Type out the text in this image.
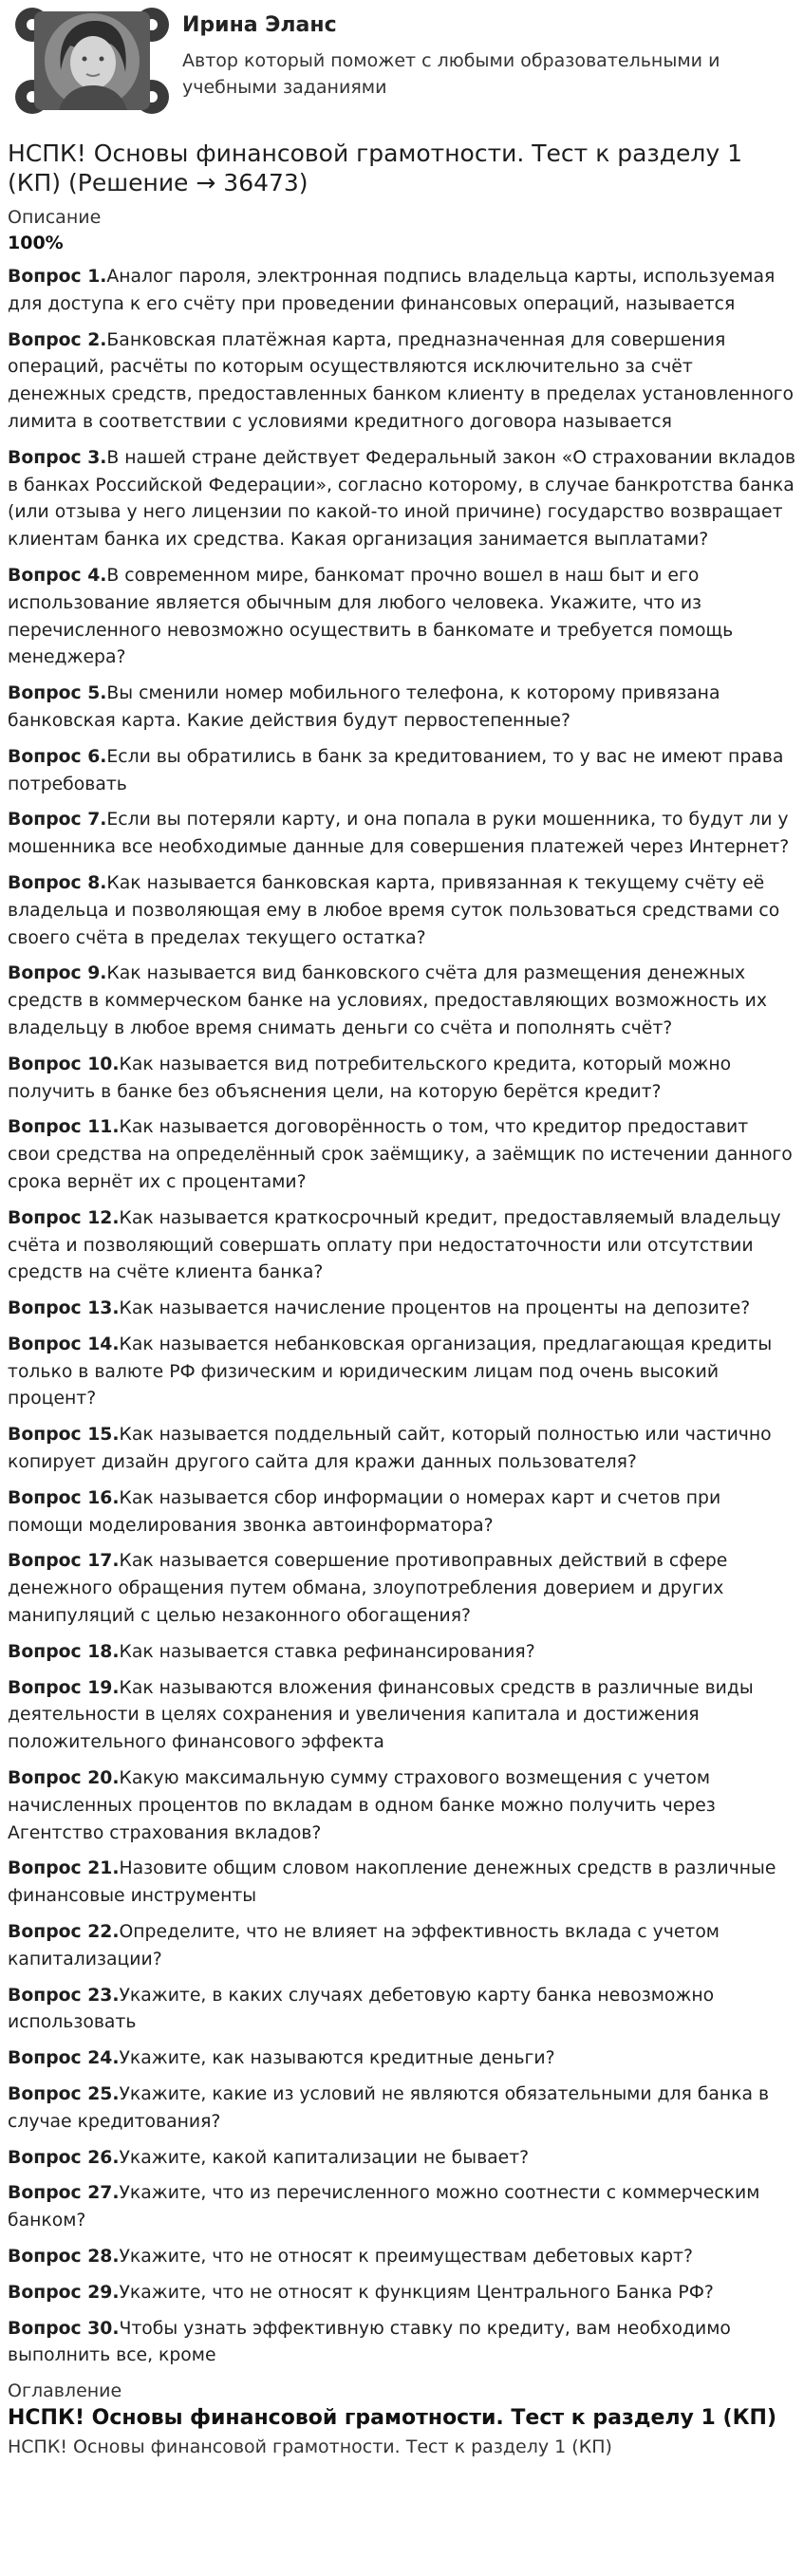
Ирина Эланс
Автор который поможет с любыми образовательными и учебными заданиями
НСПК! Основы финансовой грамотности. Тест к разделу 1 (КП) (Решение → 36473)
Описание
100%

Вопрос 1.Аналог пароля, электронная подпись владельца карты, используемая для доступа к его счёту при проведении финансовых операций, называется

Вопрос 2.Банковская платёжная карта, предназначенная для совершения операций, расчёты по которым осуществляются исключительно за счёт денежных средств, предоставленных банком клиенту в пределах установленного лимита в соответствии с условиями кредитного договора называется

Вопрос 3.В нашей стране действует Федеральный закон «О страховании вкладов в банках Российской Федерации», согласно которому, в случае банкротства банка (или отзыва у него лицензии по какой-то иной причине) государство возвращает клиентам банка их средства. Какая организация занимается выплатами?

Вопрос 4.В современном мире, банкомат прочно вошел в наш быт и его использование является обычным для любого человека. Укажите, что из перечисленного невозможно осуществить в банкомате и требуется помощь менеджера?

Вопрос 5.Вы сменили номер мобильного телефона, к которому привязана банковская карта. Какие действия будут первостепенные?

Вопрос 6.Если вы обратились в банк за кредитованием, то у вас не имеют права потребовать

Вопрос 7.Если вы потеряли карту, и она попала в руки мошенника, то будут ли у мошенника все необходимые данные для совершения платежей через Интернет?

Вопрос 8.Как называется банковская карта, привязанная к текущему счёту её владельца и позволяющая ему в любое время суток пользоваться средствами со своего счёта в пределах текущего остатка?

Вопрос 9.Как называется вид банковского счёта для размещения денежных средств в коммерческом банке на условиях, предоставляющих возможность их владельцу в любое время снимать деньги со счёта и пополнять счёт?

Вопрос 10.Как называется вид потребительского кредита, который можно получить в банке без объяснения цели, на которую берётся кредит?

Вопрос 11.Как называется договорённость о том, что кредитор предоставит свои средства на определённый срок заёмщику, а заёмщик по истечении данного срока вернёт их с процентами?

Вопрос 12.Как называется краткосрочный кредит, предоставляемый владельцу счёта и позволяющий совершать оплату при недостаточности или отсутствии средств на счёте клиента банка?

Вопрос 13.Как называется начисление процентов на проценты на депозите?

Вопрос 14.Как называется небанковская организация, предлагающая кредиты только в валюте РФ физическим и юридическим лицам под очень высокий процент?

Вопрос 15.Как называется поддельный сайт, который полностью или частично копирует дизайн другого сайта для кражи данных пользователя?

Вопрос 16.Как называется сбор информации о номерах карт и счетов при помощи моделирования звонка автоинформатора?

Вопрос 17.Как называется совершение противоправных действий в сфере денежного обращения путем обмана, злоупотребления доверием и других манипуляций с целью незаконного обогащения?

Вопрос 18.Как называется ставка рефинансирования?

Вопрос 19.Как называются вложения финансовых средств в различные виды деятельности в целях сохранения и увеличения капитала и достижения положительного финансового эффекта

Вопрос 20.Какую максимальную сумму страхового возмещения с учетом начисленных процентов по вкладам в одном банке можно получить через Агентство страхования вкладов?

Вопрос 21.Назовите общим словом накопление денежных средств в различные финансовые инструменты

Вопрос 22.Определите, что не влияет на эффективность вклада с учетом капитализации?

Вопрос 23.Укажите, в каких случаях дебетовую карту банка невозможно использовать

Вопрос 24.Укажите, как называются кредитные деньги?

Вопрос 25.Укажите, какие из условий не являются обязательными для банка в случае кредитования?

Вопрос 26.Укажите, какой капитализации не бывает?

Вопрос 27.Укажите, что из перечисленного можно соотнести с коммерческим банком?

Вопрос 28.Укажите, что не относят к преимуществам дебетовых карт?

Вопрос 29.Укажите, что не относят к функциям Центрального Банка РФ?

Вопрос 30.Чтобы узнать эффективную ставку по кредиту, вам необходимо выполнить все, кроме

Оглавление
НСПК! Основы финансовой грамотности. Тест к разделу 1 (КП)
НСПК! Основы финансовой грамотности. Тест к разделу 1 (КП)
